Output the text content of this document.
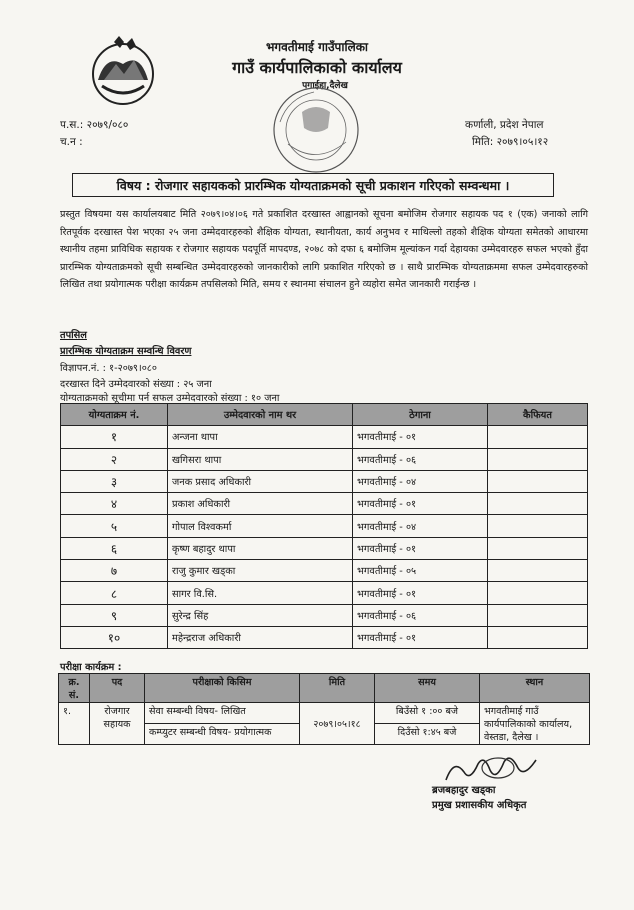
भगवतीमाई गाउँपालिका
गाउँ कार्यपालिकाको कार्यालय
पगाईहा,दैलेख
प.स.: २०७९/०८०
च.न :
कर्णाली, प्रदेश नेपाल
मिति: २०७९।०५।१२
विषय : रोजगार सहायकको प्रारम्भिक योग्यताक्रमको सूची प्रकाशन गरिएको सम्वन्धमा ।
प्रस्तुत विषयमा यस कार्यालयबाट मिति २०७९।०४।०६ गते प्रकाशित दरखास्त आह्वानको सूचना बमोजिम रोजगार सहायक पद १ (एक) जनाको लागि रितपूर्वक दरखास्त पेश भएका २५ जना उम्मेदवारहरुको शैक्षिक योग्यता, स्थानीयता, कार्य अनुभव र माथिल्लो तहको शैक्षिक योग्यता समेतको आधारमा स्थानीय तहमा प्राविधिक सहायक र रोजगार सहायक पदपूर्ति मापदण्ड, २०७८ को दफा ६ बमोजिम मूल्यांकन गर्दा देहायका उम्मेदवारहरु सफल भएको हुँदा प्रारम्भिक योग्यताक्रमको सूची सम्बन्धित उम्मेदवारहरुको जानकारीको लागि प्रकाशित गरिएको छ । साथै प्रारम्भिक योग्यताक्रममा सफल उम्मेदवारहरुको लिखित तथा प्रयोगात्मक परीक्षा कार्यक्रम तपसिलको मिति, समय र स्थानमा संचालन हुने व्यहोरा समेत जानकारी गराईन्छ ।
तपसिल
प्रारम्भिक योग्यताक्रम सम्वन्धि विवरण
विज्ञापन.नं. : १-२०७९।०८०
दरखास्त दिने उम्मेदवारको संख्या : २५ जना
योग्यताक्रमको सूचीमा पर्न सफल उम्मेदवारको संख्या : १० जना
योग्यताक्रम नं.	उम्मेदवारको नाम थर	ठेगाना	कैफियत
१	अन्जना थापा	भगवतीमाई - ०१	
२	खगिसरा थापा	भगवतीमाई - ०६	
३	जनक प्रसाद अधिकारी	भगवतीमाई - ०४	
४	प्रकाश अधिकारी	भगवतीमाई - ०१	
५	गोपाल विश्वकर्मा	भगवतीमाई - ०४	
६	कृष्ण बहादुर थापा	भगवतीमाई - ०१	
७	राजु कुमार खड्का	भगवतीमाई - ०५	
८	सागर वि.सि.	भगवतीमाई - ०१	
९	सुरेन्द्र सिंह	भगवतीमाई - ०६	
१०	महेन्द्रराज अधिकारी	भगवतीमाई - ०१	
परीक्षा कार्यक्रम :
क्र. सं.	पद	परीक्षाको किसिम	मिति	समय	स्थान
१.	रोजगार सहायक	सेवा सम्बन्धी विषय- लिखित	२०७९।०५।१८	बिउँसो १ :०० बजे	भगवतीमाई गाउँ कार्यपालिकाको कार्यालय, वेस्तडा, दैलेख ।
		कम्प्युटर सम्बन्धी विषय- प्रयोगात्मक		दिउँसो १:४५ बजे	
ब्रजबहादुर खड्का
प्रमुख प्रशासकीय अधिकृत
